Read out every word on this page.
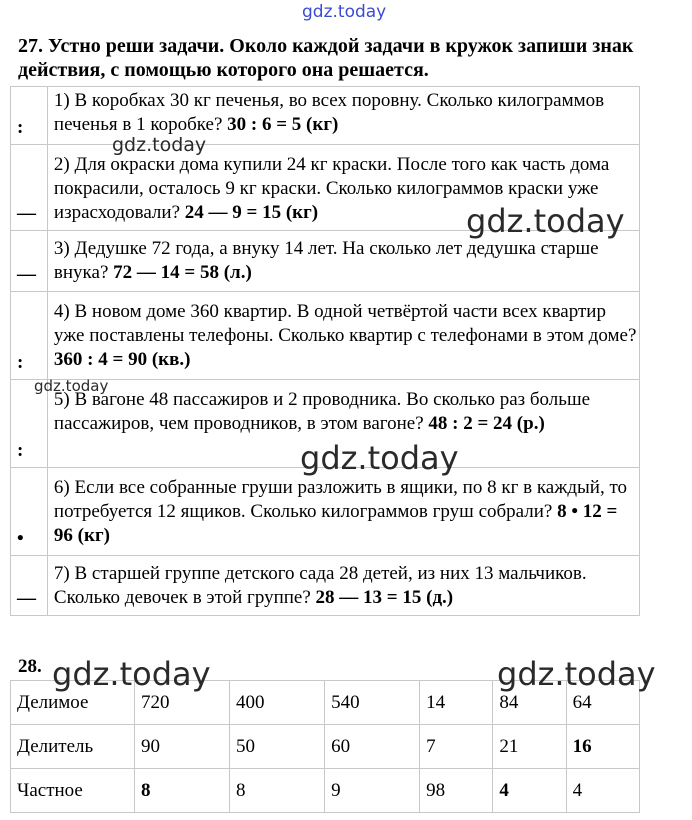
gdz.today
27. Устно реши задачи. Около каждой задачи в кружок запиши знак действия, с помощью которого она решается.
:	1) В коробках 30 кг печенья, во всех поровну. Сколько килограммов печенья в 1 коробке? 30 : 6 = 5 (кг)
—	2) Для окраски дома купили 24 кг краски. После того как часть дома покрасили, осталось 9 кг краски. Сколько килограммов краски уже израсходовали? 24 — 9 = 15 (кг)
—	3) Дедушке 72 года, а внуку 14 лет. На сколько лет дедушка старше внука? 72 — 14 = 58 (л.)
:	4) В новом доме 360 квартир. В одной четвёртой части всех квартир уже поставлены телефоны. Сколько квартир с телефонами в этом доме? 360 : 4 = 90 (кв.)
:	5) В вагоне 48 пассажиров и 2 проводника. Во сколько раз больше пассажиров, чем проводников, в этом вагоне? 48 : 2 = 24 (р.)
•	6) Если все собранные груши разложить в ящики, по 8 кг в каждый, то потребуется 12 ящиков. Сколько килограммов груш собрали? 8 • 12 = 96 (кг)
—	7) В старшей группе детского сада 28 детей, из них 13 мальчиков. Сколько девочек в этой группе? 28 — 13 = 15 (д.)
28.
Делимое	720	400	540	14	84	64
Делитель	90	50	60	7	21	16
Частное	8	8	9	98	4	4
gdz.today
gdz.today
gdz.today
gdz.today
gdz.today	gdz.today
